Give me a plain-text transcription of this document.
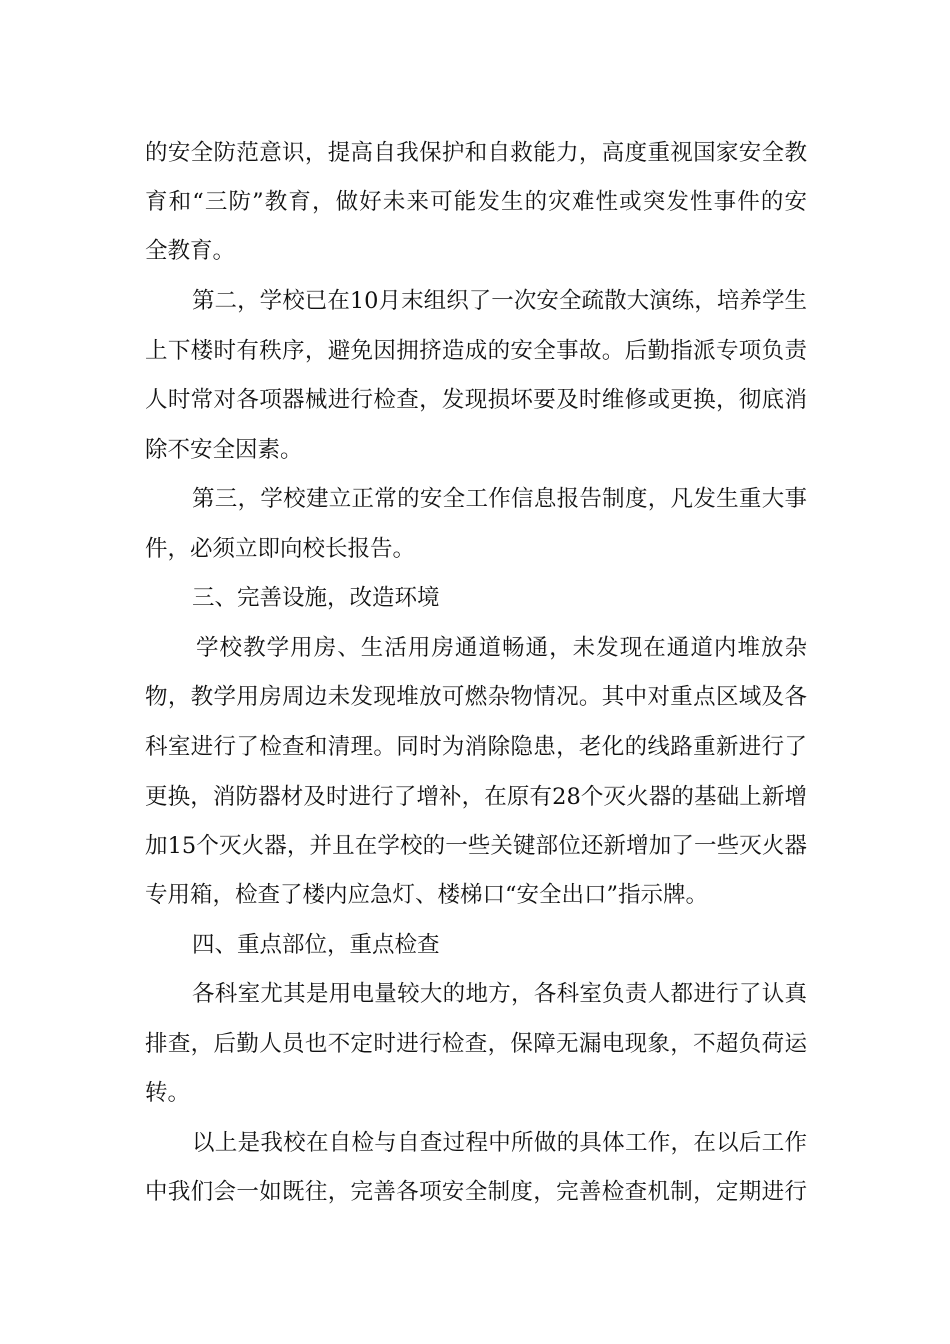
的安全防范意识，提高自我保护和自救能力，高度重视国家安全教
育和“三防”教育，做好未来可能发生的灾难性或突发性事件的安
全教育。
第二，学校已在10月末组织了一次安全疏散大演练，培养学生
上下楼时有秩序，避免因拥挤造成的安全事故。后勤指派专项负责
人时常对各项器械进行检查，发现损坏要及时维修或更换，彻底消
除不安全因素。
第三，学校建立正常的安全工作信息报告制度，凡发生重大事
件，必须立即向校长报告。
三、完善设施，改造环境
学校教学用房、生活用房通道畅通，未发现在通道内堆放杂
物，教学用房周边未发现堆放可燃杂物情况。其中对重点区域及各
科室进行了检查和清理。同时为消除隐患，老化的线路重新进行了
更换，消防器材及时进行了增补，在原有28个灭火器的基础上新增
加15个灭火器，并且在学校的一些关键部位还新增加了一些灭火器
专用箱，检查了楼内应急灯、楼梯口“安全出口”指示牌。
四、重点部位，重点检查
各科室尤其是用电量较大的地方，各科室负责人都进行了认真
排查，后勤人员也不定时进行检查，保障无漏电现象，不超负荷运
转。
以上是我校在自检与自查过程中所做的具体工作，在以后工作
中我们会一如既往，完善各项安全制度，完善检查机制，定期进行
